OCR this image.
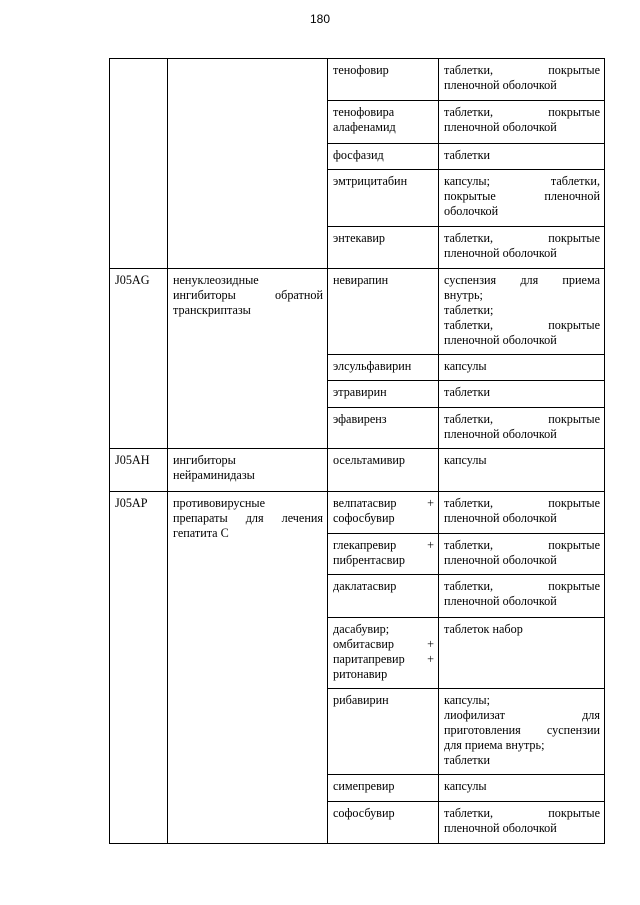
180

		тенофовир	таблетки, покрытые
пленочной оболочкой

		тенофовира
алафенамид	таблетки, покрытые
пленочной оболочкой

		фосфазид	таблетки

		эмтрицитабин	капсулы; таблетки,
покрытые пленочной
оболочкой

		энтекавир	таблетки, покрытые
пленочной оболочкой

J05AG	ненуклеозидные
ингибиторы обратной
транскриптазы	невирапин	суспензия для приема
внутрь;
таблетки;
таблетки, покрытые
пленочной оболочкой

		элсульфавирин	капсулы

		этравирин	таблетки

		эфавиренз	таблетки, покрытые
пленочной оболочкой

J05AH	ингибиторы
нейраминидазы	осельтамивир	капсулы

J05AP	противовирусные
препараты для лечения
гепатита С	велпатасвир +
софосбувир	таблетки, покрытые
пленочной оболочкой

		глекапревир +
пибрентасвир	таблетки, покрытые
пленочной оболочкой

		даклатасвир	таблетки, покрытые
пленочной оболочкой

		дасабувир;
омбитасвир +
паритапревир +
ритонавир	таблеток набор

		рибавирин	капсулы;
лиофилизат для
приготовления суспензии
для приема внутрь;
таблетки

		симепревир	капсулы

		софосбувир	таблетки, покрытые
пленочной оболочкой
